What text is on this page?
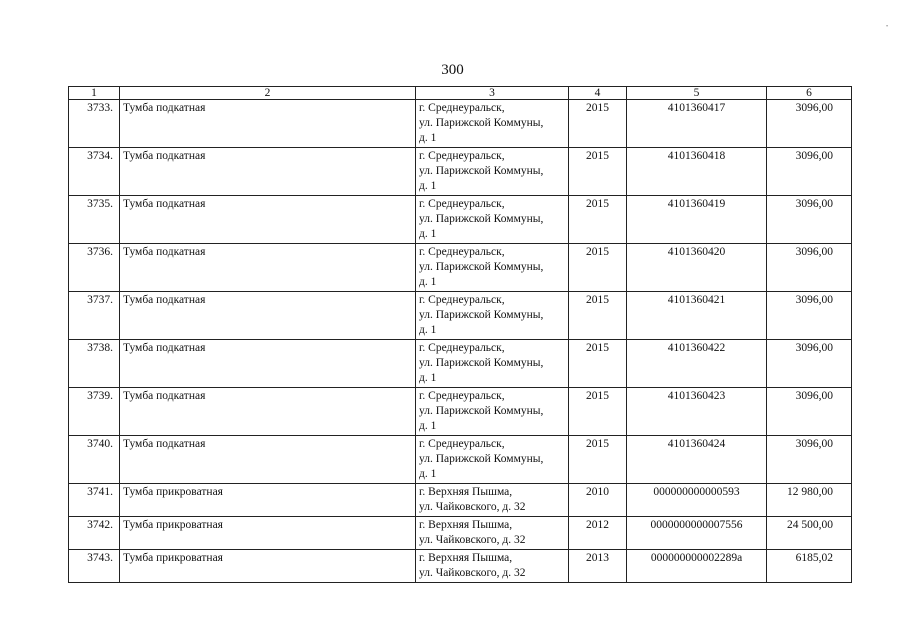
300
1	2	3	4	5	6
3733.	Тумба подкатная	г. Среднеуральск,
ул. Парижской Коммуны,
д. 1	2015	4101360417	3096,00
3734.	Тумба подкатная	г. Среднеуральск,
ул. Парижской Коммуны,
д. 1	2015	4101360418	3096,00
3735.	Тумба подкатная	г. Среднеуральск,
ул. Парижской Коммуны,
д. 1	2015	4101360419	3096,00
3736.	Тумба подкатная	г. Среднеуральск,
ул. Парижской Коммуны,
д. 1	2015	4101360420	3096,00
3737.	Тумба подкатная	г. Среднеуральск,
ул. Парижской Коммуны,
д. 1	2015	4101360421	3096,00
3738.	Тумба подкатная	г. Среднеуральск,
ул. Парижской Коммуны,
д. 1	2015	4101360422	3096,00
3739.	Тумба подкатная	г. Среднеуральск,
ул. Парижской Коммуны,
д. 1	2015	4101360423	3096,00
3740.	Тумба подкатная	г. Среднеуральск,
ул. Парижской Коммуны,
д. 1	2015	4101360424	3096,00
3741.	Тумба прикроватная	г. Верхняя Пышма,
ул. Чайковского, д. 32	2010	000000000000593	12 980,00
3742.	Тумба прикроватная	г. Верхняя Пышма,
ул. Чайковского, д. 32	2012	0000000000007556	24 500,00
3743.	Тумба прикроватная	г. Верхняя Пышма,
ул. Чайковского, д. 32	2013	000000000002289а	6185,02
•
